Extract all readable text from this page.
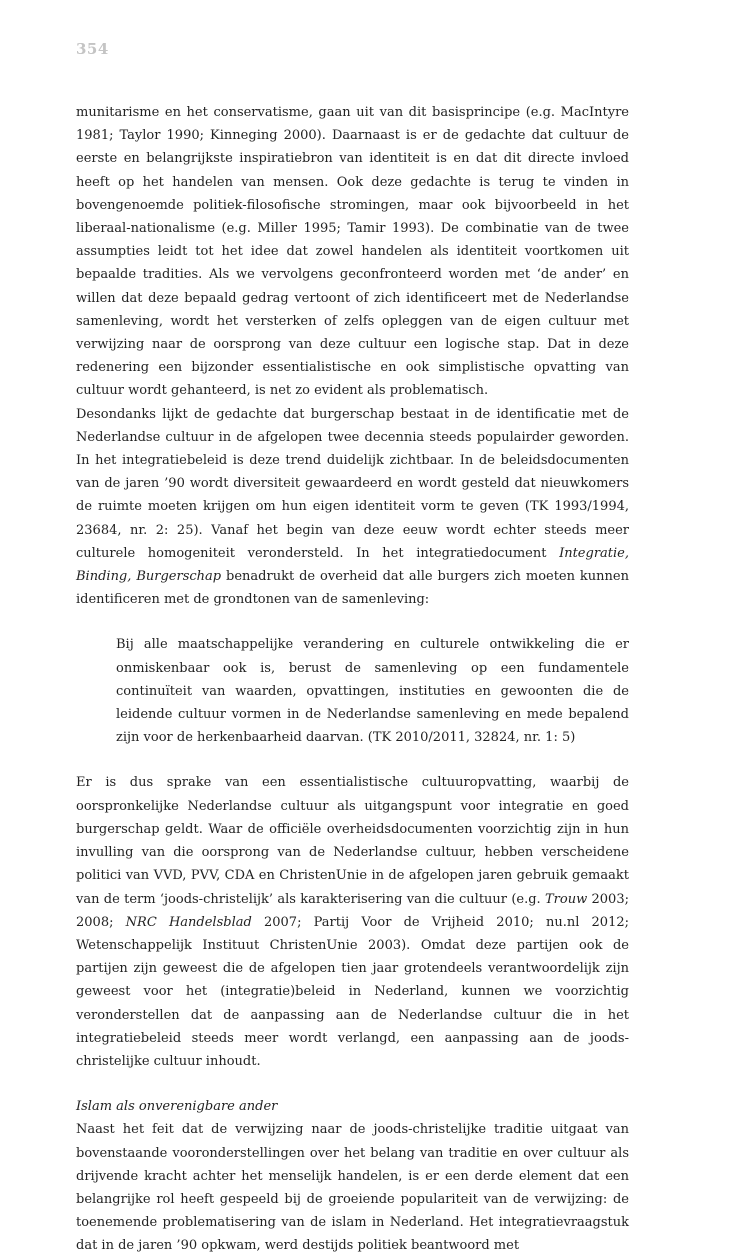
354

munitarisme en het conservatisme, gaan uit van dit basisprincipe (e.g. MacIntyre 1981; Taylor 1990; Kinneging 2000). Daarnaast is er de gedachte dat cultuur de eerste en belangrijkste inspiratiebron van identiteit is en dat dit directe invloed heeft op het handelen van mensen. Ook deze gedachte is terug te vinden in bovengenoemde politiek-filosofische stromingen, maar ook bijvoorbeeld in het liberaal-nationalisme (e.g. Miller 1995; Tamir 1993). De combinatie van de twee assumpties leidt tot het idee dat zowel handelen als identiteit voortkomen uit bepaalde tradities. Als we vervolgens geconfronteerd worden met ‘de ander’ en willen dat deze bepaald gedrag vertoont of zich identificeert met de Nederlandse samenleving, wordt het versterken of zelfs opleggen van de eigen cultuur met verwijzing naar de oorsprong van deze cultuur een logische stap. Dat in deze redenering een bijzonder essentialistische en ook simplistische opvatting van cultuur wordt gehanteerd, is net zo evident als problematisch.

Desondanks lijkt de gedachte dat burgerschap bestaat in de identificatie met de Nederlandse cultuur in de afgelopen twee decennia steeds populairder geworden. In het integratiebeleid is deze trend duidelijk zichtbaar. In de beleidsdocumenten van de jaren ’90 wordt diversiteit gewaardeerd en wordt gesteld dat nieuwkomers de ruimte moeten krijgen om hun eigen identiteit vorm te geven (TK 1993/1994, 23684, nr. 2: 25). Vanaf het begin van deze eeuw wordt echter steeds meer culturele homogeniteit verondersteld. In het integratiedocument Integratie, Binding, Burgerschap benadrukt de overheid dat alle burgers zich moeten kunnen identificeren met de grondtonen van de samenleving:

Bij alle maatschappelijke verandering en culturele ontwikkeling die er onmiskenbaar ook is, berust de samenleving op een fundamentele continuïteit van waarden, opvattingen, instituties en gewoonten die de leidende cultuur vormen in de Nederlandse samenleving en mede bepalend zijn voor de herkenbaarheid daarvan. (TK 2010/2011, 32824, nr. 1: 5)

Er is dus sprake van een essentialistische cultuuropvatting, waarbij de oorspronkelijke Nederlandse cultuur als uitgangspunt voor integratie en goed burgerschap geldt. Waar de officiële overheidsdocumenten voorzichtig zijn in hun invulling van die oorsprong van de Nederlandse cultuur, hebben verscheidene politici van VVD, PVV, CDA en ChristenUnie in de afgelopen jaren gebruik gemaakt van de term ‘joods-christelijk’ als karakterisering van die cultuur (e.g. Trouw 2003; 2008; NRC Handelsblad 2007; Partij Voor de Vrijheid 2010; nu.nl 2012; Wetenschappelijk Instituut ChristenUnie 2003). Omdat deze partijen ook de partijen zijn geweest die de afgelopen tien jaar grotendeels verantwoordelijk zijn geweest voor het (integratie)beleid in Nederland, kunnen we voorzichtig veronderstellen dat de aanpassing aan de Nederlandse cultuur die in het integratiebeleid steeds meer wordt verlangd, een aanpassing aan de joods-christelijke cultuur inhoudt.

Islam als onverenigbare ander

Naast het feit dat de verwijzing naar de joods-christelijke traditie uitgaat van bovenstaande vooronderstellingen over het belang van traditie en over cultuur als drijvende kracht achter het menselijk handelen, is er een derde element dat een belangrijke rol heeft gespeeld bij de groeiende populariteit van de verwijzing: de toenemende problematisering van de islam in Nederland. Het integratievraagstuk dat in de jaren ’90 opkwam, werd destijds politiek beantwoord met
